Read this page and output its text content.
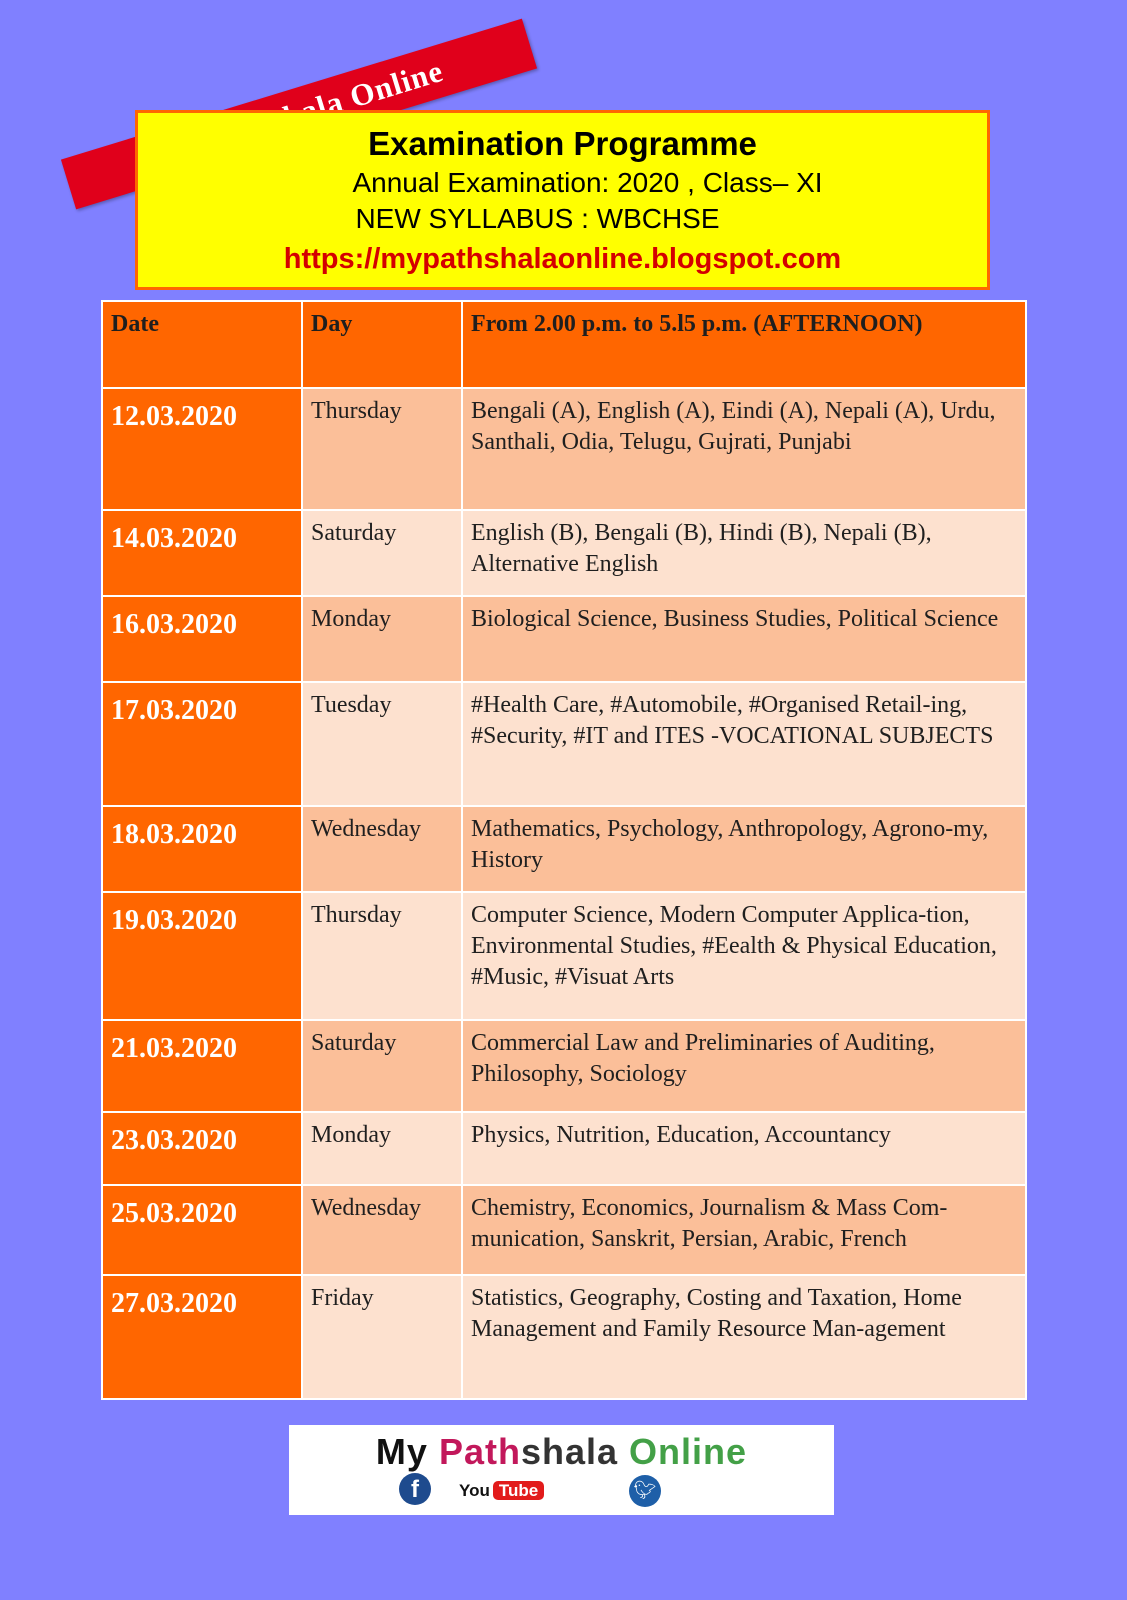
Examination Programme
Annual Examination: 2020 , Class– XI
NEW SYLLABUS : WBCHSE
https://mypathshalaonline.blogspot.com
Date	Day	From 2.00 p.m. to 5.l5 p.m. (AFTERNOON)
12.03.2020	Thursday	Bengali (A), English (A), Eindi (A), Nepali (A), Urdu, Santhali, Odia, Telugu, Gujrati, Punjabi
14.03.2020	Saturday	English (B), Bengali (B), Hindi (B), Nepali (B), Alternative English
16.03.2020	Monday	Biological Science, Business Studies, Political Science
17.03.2020	Tuesday	#Health Care, #Automobile, #Organised Retail-ing, #Security, #IT and ITES -VOCATIONAL SUBJECTS
18.03.2020	Wednesday	Mathematics, Psychology, Anthropology, Agrono-my, History
19.03.2020	Thursday	Computer Science, Modern Computer Applica-tion, Environmental Studies, #Eealth & Physical Education, #Music, #Visuat Arts
21.03.2020	Saturday	Commercial Law and Preliminaries of Auditing, Philosophy, Sociology
23.03.2020	Monday	Physics, Nutrition, Education, Accountancy
25.03.2020	Wednesday	Chemistry, Economics, Journalism & Mass Com-munication, Sanskrit, Persian, Arabic, French
27.03.2020	Friday	Statistics, Geography, Costing and Taxation, Home Management and Family Resource Man-agement
My Pathshala Online
f	You Tube	🐦︎
